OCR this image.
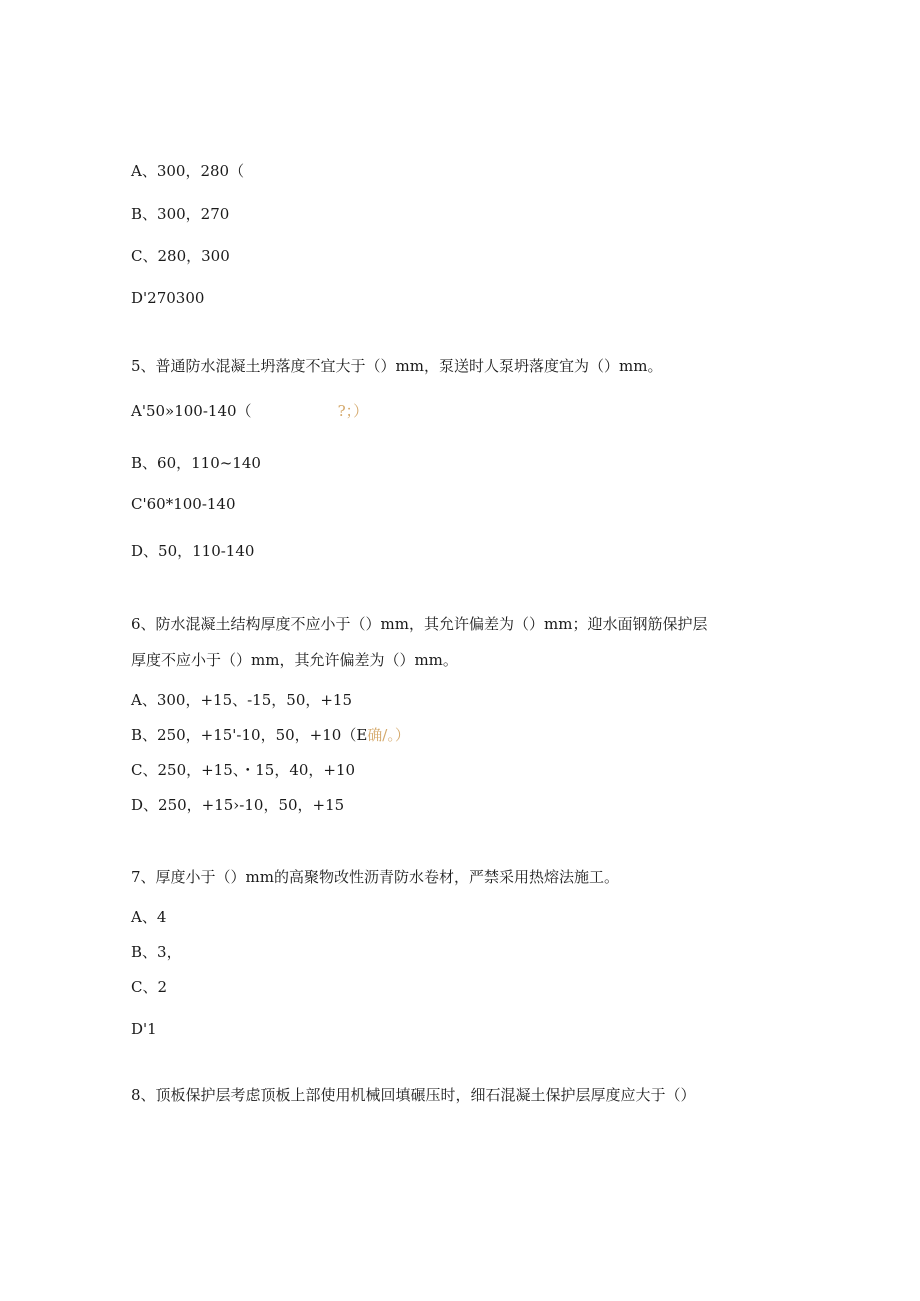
A、300，280（
B、300，270
C、280，300
D'270300
5、普通防水混凝土坍落度不宜大于（）mm，泵送时人泵坍落度宜为（）mm。
A'50»100-140（	?；）
B、60，110~140
C'60*100-140
D、50，110-140
6、防水混凝土结构厚度不应小于（）mm，其允许偏差为（）mm；迎水面钢筋保护层
厚度不应小于（）mm，其允许偏差为（）mm。
A、300，+15、-15，50，+15
B、250，+15'-10，50，+10（E确/。）
C、250，+15、・15，40，+10
D、250，+15›-10，50，+15
7、厚度小于（）mm的高聚物改性沥青防水卷材，严禁采用热熔法施工。
A、4
B、3，
C、2
D'1
8、顶板保护层考虑顶板上部使用机械回填碾压时，细石混凝土保护层厚度应大于（）
